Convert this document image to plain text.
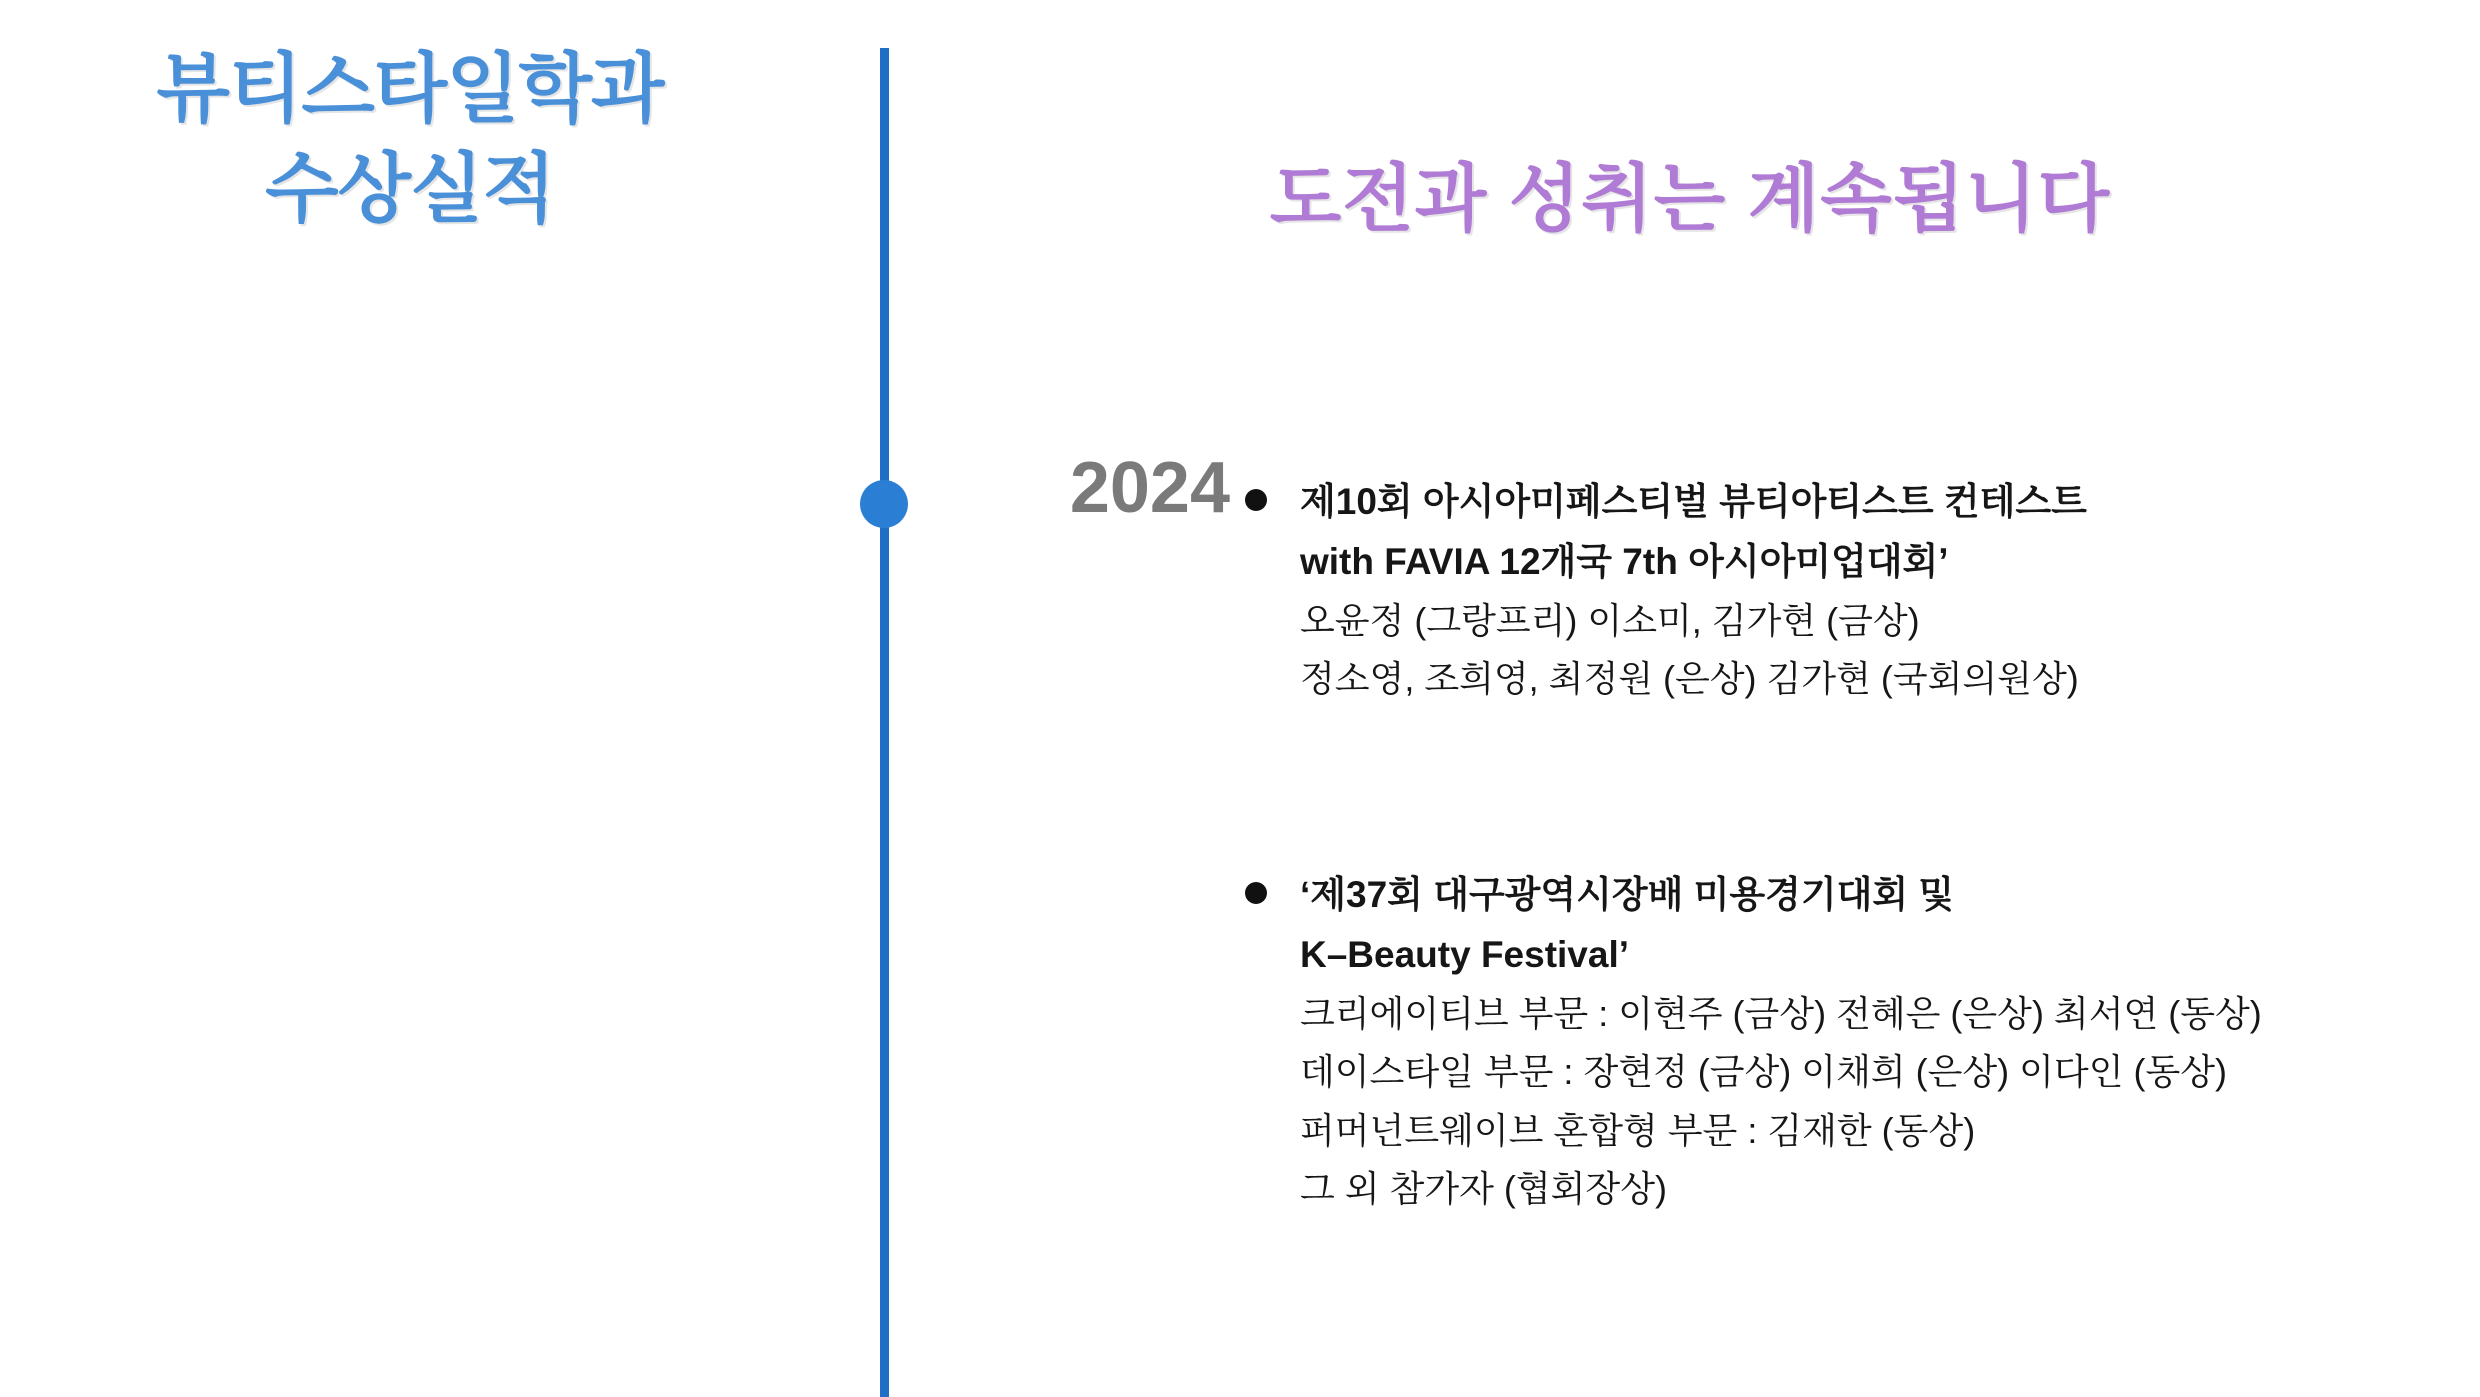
뷰티스타일학과
수상실적	도전과 성취는 계속됩니다
2024 제10회 아시아미페스티벌 뷰티아티스트 컨테스트
with FAVIA 12개국 7th 아시아미업대회’
오윤정 (그랑프리) 이소미, 김가현 (금상)
정소영, 조희영, 최정원 (은상) 김가현 (국회의원상)
‘제37회 대구광역시장배 미용경기대회 및
K–Beauty Festival’
크리에이티브 부문 : 이현주 (금상) 전혜은 (은상) 최서연 (동상)
데이스타일 부문 : 장현정 (금상) 이채희 (은상) 이다인 (동상)
퍼머넌트웨이브 혼합형 부문 : 김재한 (동상)
그 외 참가자 (협회장상)
